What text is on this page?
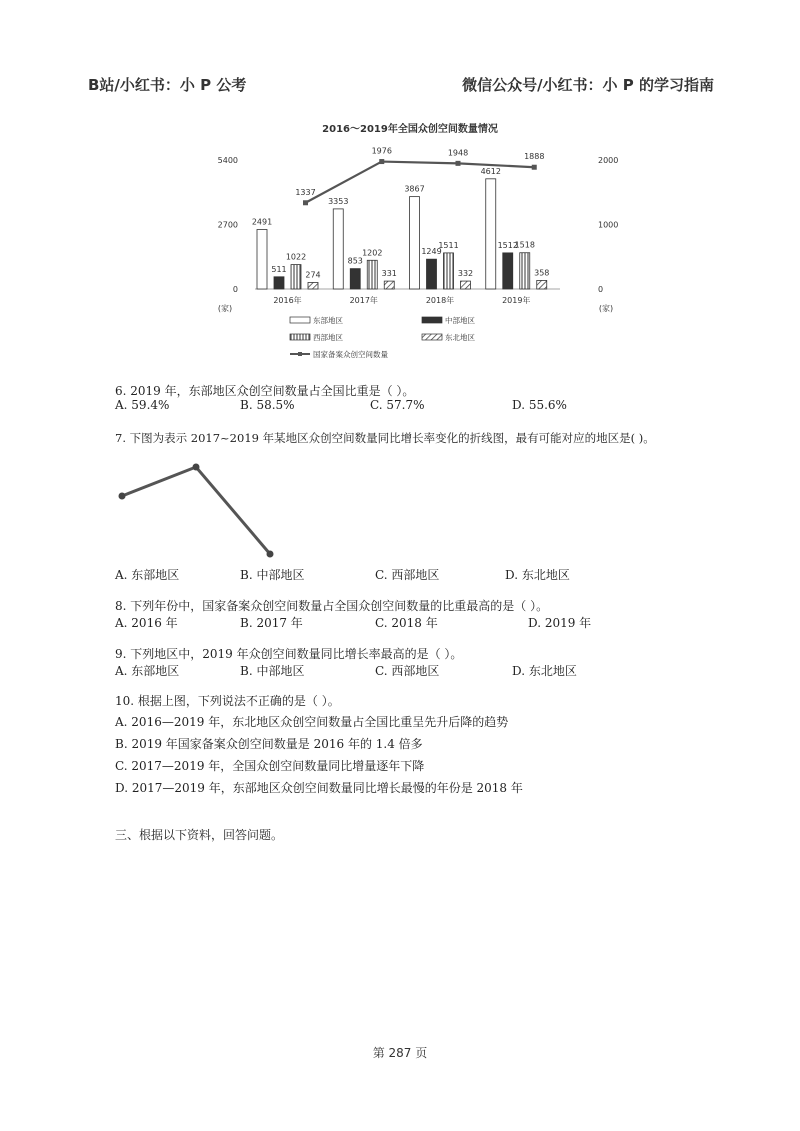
B站/小红书：小 P 公考	微信公众号/小红书：小 P 的学习指南
2016～2019年全国众创空间数量情况
0
2700
5400
(家)
0
1000
2000
(家)
2491
511
1022
274
2016年
3353
853
1202
331
2017年
3867
1249
1511
332
2018年
4612
1512
1518
358
2019年
1337
1976	1948	1888
东部地区	中部地区
西部地区	东北地区
国家备案众创空间数量
6. 2019 年，东部地区众创空间数量占全国比重是（ ）。
A. 59.4%	B. 58.5%	C. 57.7%	D. 55.6%
7. 下图为表示 2017~2019 年某地区众创空间数量同比增长率变化的折线图，最有可能对应的地区是( )。
A. 东部地区	B. 中部地区	C. 西部地区	D. 东北地区
8. 下列年份中，国家备案众创空间数量占全国众创空间数量的比重最高的是（ ）。
A. 2016 年	B. 2017 年	C. 2018 年	D. 2019 年
9. 下列地区中，2019 年众创空间数量同比增长率最高的是（ ）。
A. 东部地区	B. 中部地区	C. 西部地区	D. 东北地区
10. 根据上图，下列说法不正确的是（ ）。
A. 2016—2019 年，东北地区众创空间数量占全国比重呈先升后降的趋势
B. 2019 年国家备案众创空间数量是 2016 年的 1.4 倍多
C. 2017—2019 年，全国众创空间数量同比增量逐年下降
D. 2017—2019 年，东部地区众创空间数量同比增长最慢的年份是 2018 年
三、根据以下资料，回答问题。
第 287 页
